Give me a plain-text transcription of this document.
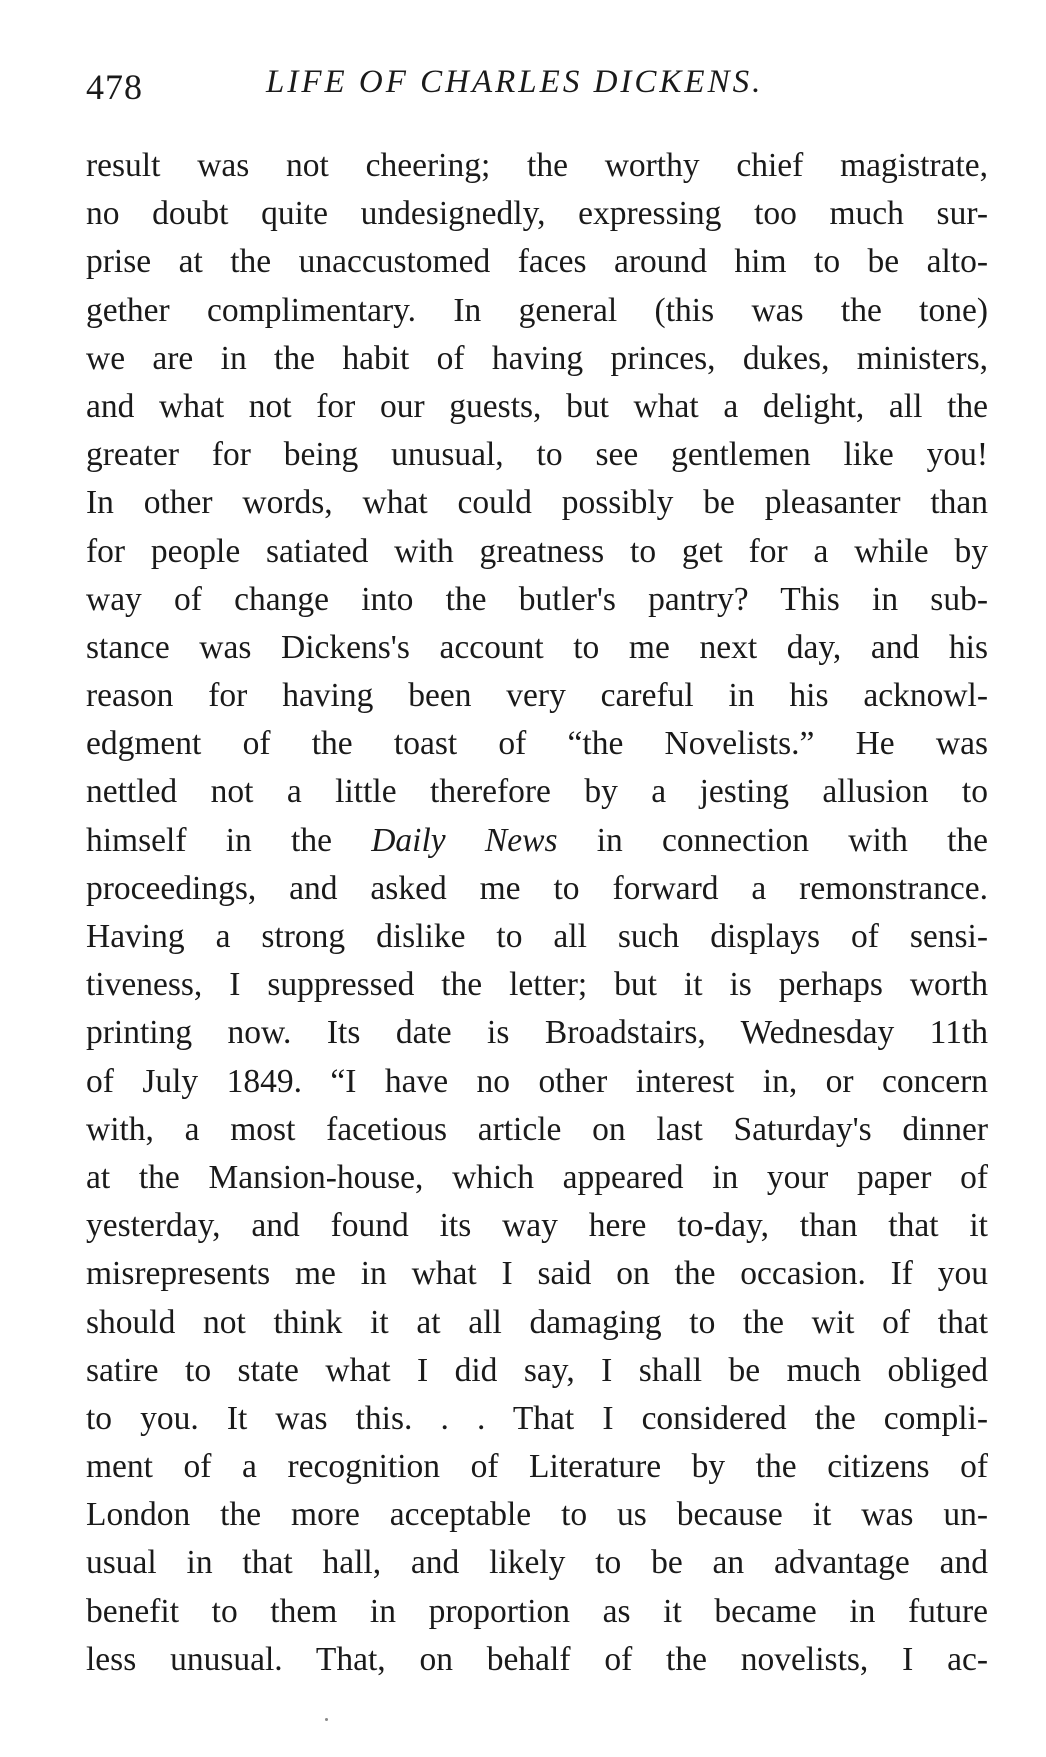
478	LIFE OF CHARLES DICKENS.
result was not cheering; the worthy chief magistrate,
no doubt quite undesignedly, expressing too much sur-
prise at the unaccustomed faces around him to be alto-
gether complimentary. In general (this was the tone)
we are in the habit of having princes, dukes, ministers,
and what not for our guests, but what a delight, all the
greater for being unusual, to see gentlemen like you!
In other words, what could possibly be pleasanter than
for people satiated with greatness to get for a while by
way of change into the butler's pantry? This in sub-
stance was Dickens's account to me next day, and his
reason for having been very careful in his acknowl-
edgment of the toast of “the Novelists.” He was
nettled not a little therefore by a jesting allusion to
himself in the Daily News in connection with the
proceedings, and asked me to forward a remonstrance.
Having a strong dislike to all such displays of sensi-
tiveness, I suppressed the letter; but it is perhaps worth
printing now. Its date is Broadstairs, Wednesday 11th
of July 1849. “I have no other interest in, or concern
with, a most facetious article on last Saturday's dinner
at the Mansion-house, which appeared in your paper of
yesterday, and found its way here to-day, than that it
misrepresents me in what I said on the occasion. If you
should not think it at all damaging to the wit of that
satire to state what I did say, I shall be much obliged
to you. It was this. . . That I considered the compli-
ment of a recognition of Literature by the citizens of
London the more acceptable to us because it was un-
usual in that hall, and likely to be an advantage and
benefit to them in proportion as it became in future
less unusual. That, on behalf of the novelists, I ac-
